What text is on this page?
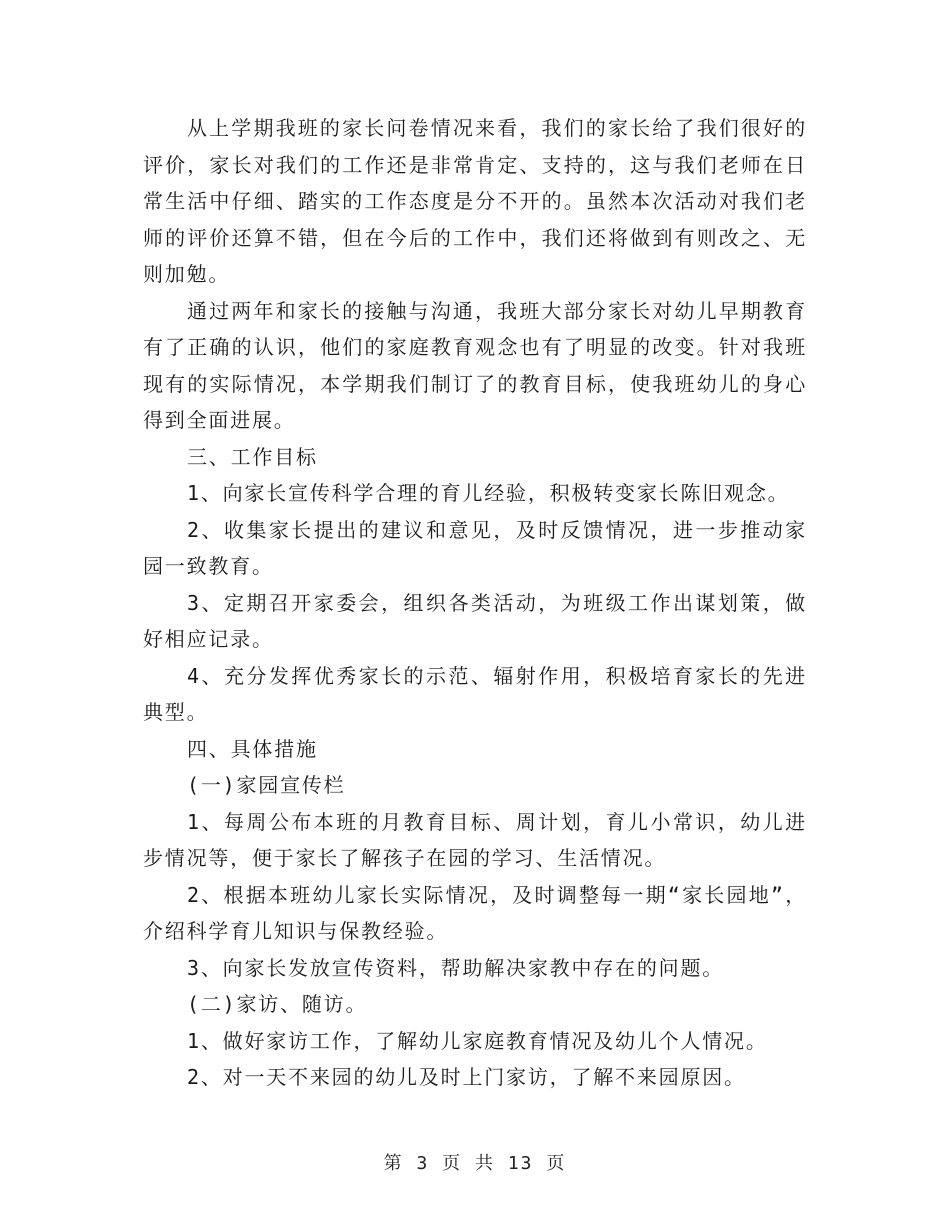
从上学期我班的家长问卷情况来看，我们的家长给了我们很好的评价，家长对我们的工作还是非常肯定、支持的，这与我们老师在日常生活中仔细、踏实的工作态度是分不开的。虽然本次活动对我们老师的评价还算不错，但在今后的工作中，我们还将做到有则改之、无则加勉。

通过两年和家长的接触与沟通，我班大部分家长对幼儿早期教育有了正确的认识，他们的家庭教育观念也有了明显的改变。针对我班现有的实际情况，本学期我们制订了的教育目标，使我班幼儿的身心得到全面进展。

三、工作目标

1、向家长宣传科学合理的育儿经验，积极转变家长陈旧观念。

2、收集家长提出的建议和意见，及时反馈情况，进一步推动家园一致教育。

3、定期召开家委会，组织各类活动，为班级工作出谋划策，做好相应记录。

4、充分发挥优秀家长的示范、辐射作用，积极培育家长的先进典型。

四、具体措施

(一)家园宣传栏

1、每周公布本班的月教育目标、周计划，育儿小常识，幼儿进步情况等，便于家长了解孩子在园的学习、生活情况。

2、根据本班幼儿家长实际情况，及时调整每一期“家长园地”，介绍科学育儿知识与保教经验。

3、向家长发放宣传资料，帮助解决家教中存在的问题。

(二)家访、随访。

1、做好家访工作，了解幼儿家庭教育情况及幼儿个人情况。

2、对一天不来园的幼儿及时上门家访，了解不来园原因。

第 3 页 共 13 页
